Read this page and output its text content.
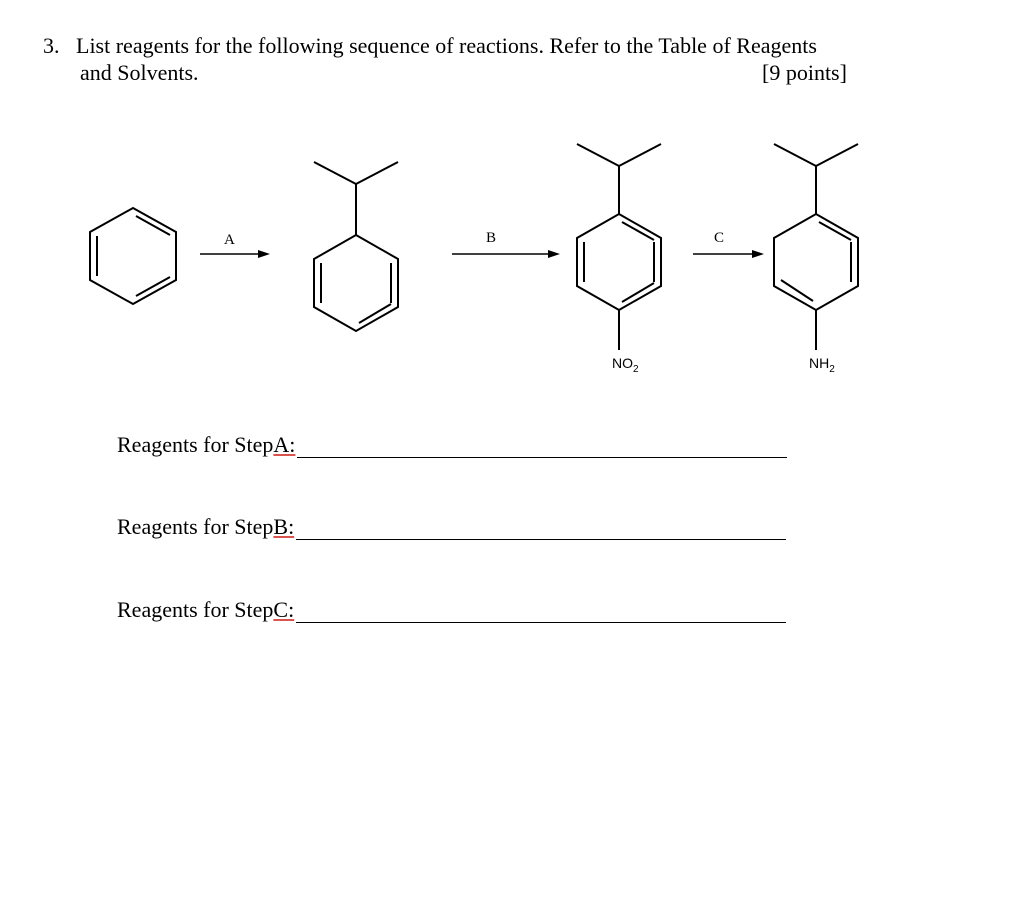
3. List reagents for the following sequence of reactions. Refer to the Table of Reagents
and Solvents.	[9 points]
A	B
$NO_2$
C
$NH_2$
Reagents for StepA:
Reagents for StepB:
Reagents for StepC:
